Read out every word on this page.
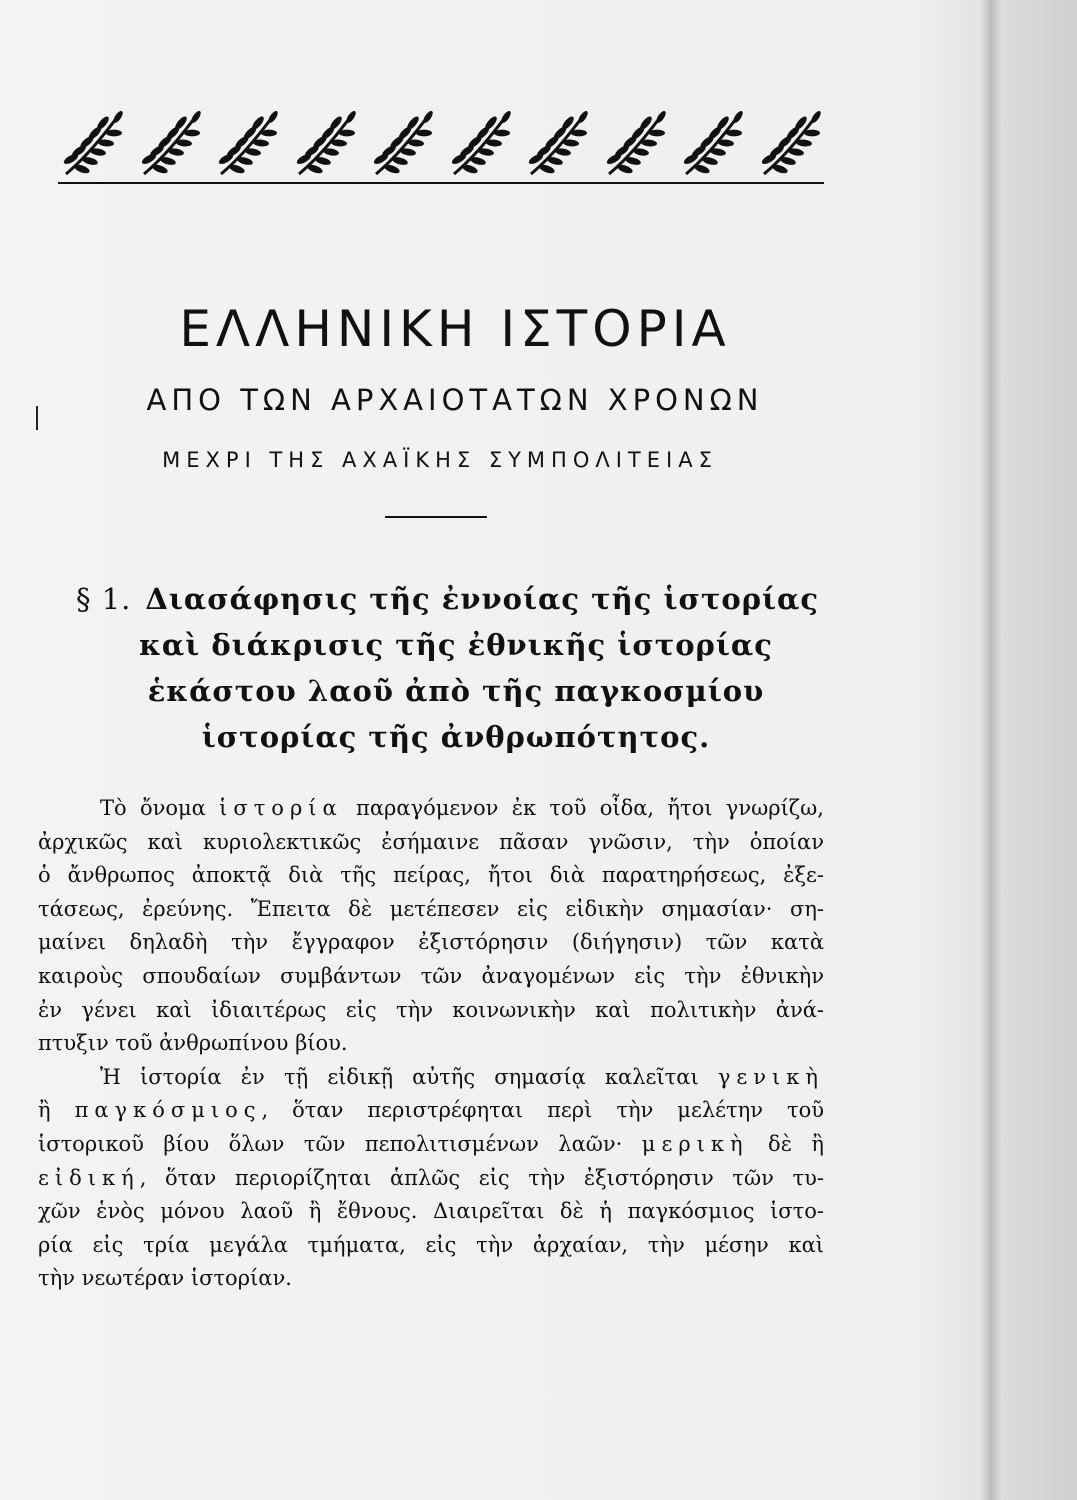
ΕΛΛΗΝΙΚΗ ΙΣΤΟΡΙΑ
ΑΠΟ ΤΩΝ ΑΡΧΑΙΟΤΑΤΩΝ ΧΡΟΝΩΝ
ΜΕΧΡΙ ΤΗΣ ΑΧΑΪΚΗΣ ΣΥΜΠΟΛΙΤΕΙΑΣ
§ 1. Διασάφησις τῆς ἐννοίας τῆς ἱστορίας
καὶ διάκρισις τῆς ἐθνικῆς ἱστορίας
ἑκάστου λαοῦ ἀπὸ τῆς παγκοσμίου
ἱστορίας τῆς ἀνθρωπότητος.
Τὸ ὄνομα ἱστορία παραγόμενον ἐκ τοῦ οἶδα, ἤτοι γνωρίζω,
ἀρχικῶς καὶ κυριολεκτικῶς ἐσήμαινε πᾶσαν γνῶσιν, τὴν ὁποίαν
ὁ ἄνθρωπος ἀποκτᾷ διὰ τῆς πείρας, ἤτοι διὰ παρατηρήσεως, ἐξε-
τάσεως, ἐρεύνης. Ἔπειτα δὲ μετέπεσεν εἰς εἰδικὴν σημασίαν· ση-
μαίνει δηλαδὴ τὴν ἔγγραφον ἐξιστόρησιν (διήγησιν) τῶν κατὰ
καιροὺς σπουδαίων συμβάντων τῶν ἀναγομένων εἰς τὴν ἐθνικὴν
ἐν γένει καὶ ἰδιαιτέρως εἰς τὴν κοινωνικὴν καὶ πολιτικὴν ἀνά-
πτυξιν τοῦ ἀνθρωπίνου βίου.
Ἡ ἱστορία ἐν τῇ εἰδικῇ αὐτῆς σημασίᾳ καλεῖται γενικὴ
ἢ παγκόσμιος, ὅταν περιστρέφηται περὶ τὴν μελέτην τοῦ
ἱστορικοῦ βίου ὅλων τῶν πεπολιτισμένων λαῶν· μερικὴ δὲ ἢ
εἰδική, ὅταν περιορίζηται ἁπλῶς εἰς τὴν ἐξιστόρησιν τῶν τυ-
χῶν ἑνὸς μόνου λαοῦ ἢ ἔθνους. Διαιρεῖται δὲ ἡ παγκόσμιος ἱστο-
ρία εἰς τρία μεγάλα τμήματα, εἰς τὴν ἀρχαίαν, τὴν μέσην καὶ
τὴν νεωτέραν ἱστορίαν.
